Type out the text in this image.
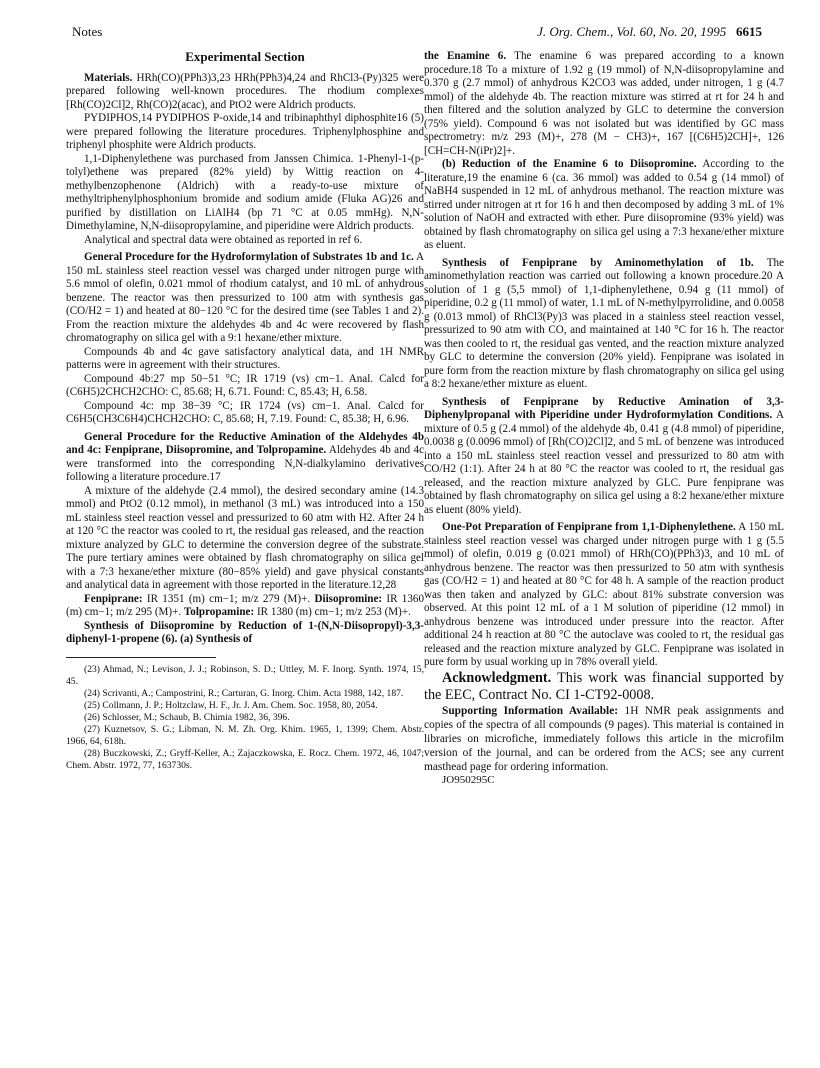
Notes	J. Org. Chem., Vol. 60, No. 20, 1995 6615
Experimental Section

Materials. HRh(CO)(PPh3)3,23 HRh(PPh3)4,24 and RhCl3-(Py)325 were prepared following well-known procedures. The rhodium complexes [Rh(CO)2Cl]2, Rh(CO)2(acac), and PtO2 were Aldrich products.

PYDIPHOS,14 PYDIPHOS P-oxide,14 and tribinaphthyl diphosphite16 (5) were prepared following the literature procedures. Triphenylphosphine and triphenyl phosphite were Aldrich products.

1,1-Diphenylethene was purchased from Janssen Chimica. 1-Phenyl-1-(p-tolyl)ethene was prepared (82% yield) by Wittig reaction on 4-methylbenzophenone (Aldrich) with a ready-to-use mixture of methyltriphenylphosphonium bromide and sodium amide (Fluka AG)26 and purified by distillation on LiAlH4 (bp 71 °C at 0.05 mmHg). N,N-Dimethylamine, N,N-diisopropylamine, and piperidine were Aldrich products.

Analytical and spectral data were obtained as reported in ref 6.

General Procedure for the Hydroformylation of Substrates 1b and 1c. A 150 mL stainless steel reaction vessel was charged under nitrogen purge with 5.6 mmol of olefin, 0.021 mmol of rhodium catalyst, and 10 mL of anhydrous benzene. The reactor was then pressurized to 100 atm with synthesis gas (CO/H2 = 1) and heated at 80−120 °C for the desired time (see Tables 1 and 2). From the reaction mixture the aldehydes 4b and 4c were recovered by flash chromatography on silica gel with a 9:1 hexane/ether mixture.

Compounds 4b and 4c gave satisfactory analytical data, and 1H NMR patterns were in agreement with their structures.

Compound 4b:27 mp 50−51 °C; IR 1719 (vs) cm−1. Anal. Calcd for (C6H5)2CHCH2CHO: C, 85.68; H, 6.71. Found: C, 85.43; H, 6.58.

Compound 4c: mp 38−39 °C; IR 1724 (vs) cm−1. Anal. Calcd for C6H5(CH3C6H4)CHCH2CHO: C, 85.68; H, 7.19. Found: C, 85.38; H, 6.96.

General Procedure for the Reductive Amination of the Aldehydes 4b and 4c: Fenpiprane, Diisopromine, and Tolpropamine. Aldehydes 4b and 4c were transformed into the corresponding N,N-dialkylamino derivatives following a literature procedure.17

A mixture of the aldehyde (2.4 mmol), the desired secondary amine (14.3 mmol) and PtO2 (0.12 mmol), in methanol (3 mL) was introduced into a 150 mL stainless steel reaction vessel and pressurized to 60 atm with H2. After 24 h at 120 °C the reactor was cooled to rt, the residual gas released, and the reaction mixture analyzed by GLC to determine the conversion degree of the substrate. The pure tertiary amines were obtained by flash chromatography on silica gel with a 7:3 hexane/ether mixture (80−85% yield) and gave physical constants and analytical data in agreement with those reported in the literature.12,28

Fenpiprane: IR 1351 (m) cm−1; m/z 279 (M)+. Diisopromine: IR 1360 (m) cm−1; m/z 295 (M)+. Tolpropamine: IR 1380 (m) cm−1; m/z 253 (M)+.

Synthesis of Diisopromine by Reduction of 1-(N,N-Diisopropyl)-3,3-diphenyl-1-propene (6). (a) Synthesis of

(23) Ahmad, N.; Levison, J. J.; Robinson, S. D.; Uttley, M. F. Inorg. Synth. 1974, 15, 45.

(24) Scrivanti, A.; Campostrini, R.; Carturan, G. Inorg. Chim. Acta 1988, 142, 187.

(25) Collmann, J. P.; Holtzclaw, H. F., Jr. J. Am. Chem. Soc. 1958, 80, 2054.

(26) Schlosser, M.; Schaub, B. Chimia 1982, 36, 396.

(27) Kuznetsov, S. G.; Libman, N. M. Zh. Org. Khim. 1965, 1, 1399; Chem. Abstr. 1966, 64, 618h.

(28) Buczkowski, Z.; Gryff-Keller, A.; Zajaczkowska, E. Rocz. Chem. 1972, 46, 1047; Chem. Abstr. 1972, 77, 163730s.

the Enamine 6. The enamine 6 was prepared according to a known procedure.18 To a mixture of 1.92 g (19 mmol) of N,N-diisopropylamine and 0.370 g (2.7 mmol) of anhydrous K2CO3 was added, under nitrogen, 1 g (4.7 mmol) of the aldehyde 4b. The reaction mixture was stirred at rt for 24 h and then filtered and the solution analyzed by GLC to determine the conversion (75% yield). Compound 6 was not isolated but was identified by GC mass spectrometry: m/z 293 (M)+, 278 (M − CH3)+, 167 [(C6H5)2CH]+, 126 [CH=CH-N(iPr)2]+.

(b) Reduction of the Enamine 6 to Diisopromine. According to the literature,19 the enamine 6 (ca. 36 mmol) was added to 0.54 g (14 mmol) of NaBH4 suspended in 12 mL of anhydrous methanol. The reaction mixture was stirred under nitrogen at rt for 16 h and then decomposed by adding 3 mL of 1% solution of NaOH and extracted with ether. Pure diisopromine (93% yield) was obtained by flash chromatography on silica gel using a 7:3 hexane/ether mixture as eluent.

Synthesis of Fenpiprane by Aminomethylation of 1b. The aminomethylation reaction was carried out following a known procedure.20 A solution of 1 g (5,5 mmol) of 1,1-diphenylethene, 0.94 g (11 mmol) of piperidine, 0.2 g (11 mmol) of water, 1.1 mL of N-methylpyrrolidine, and 0.0058 g (0.013 mmol) of RhCl3(Py)3 was placed in a stainless steel reaction vessel, pressurized to 90 atm with CO, and maintained at 140 °C for 16 h. The reactor was then cooled to rt, the residual gas vented, and the reaction mixture analyzed by GLC to determine the conversion (20% yield). Fenpiprane was isolated in pure form from the reaction mixture by flash chromatography on silica gel using a 8:2 hexane/ether mixture as eluent.

Synthesis of Fenpiprane by Reductive Amination of 3,3-Diphenylpropanal with Piperidine under Hydroformylation Conditions. A mixture of 0.5 g (2.4 mmol) of the aldehyde 4b, 0.41 g (4.8 mmol) of piperidine, 0.0038 g (0.0096 mmol) of [Rh(CO)2Cl]2, and 5 mL of benzene was introduced into a 150 mL stainless steel reaction vessel and pressurized to 80 atm with CO/H2 (1:1). After 24 h at 80 °C the reactor was cooled to rt, the residual gas released, and the reaction mixture analyzed by GLC. Pure fenpiprane was obtained by flash chromatography on silica gel using a 8:2 hexane/ether mixture as eluent (80% yield).

One-Pot Preparation of Fenpiprane from 1,1-Diphenylethene. A 150 mL stainless steel reaction vessel was charged under nitrogen purge with 1 g (5.5 mmol) of olefin, 0.019 g (0.021 mmol) of HRh(CO)(PPh3)3, and 10 mL of anhydrous benzene. The reactor was then pressurized to 50 atm with synthesis gas (CO/H2 = 1) and heated at 80 °C for 48 h. A sample of the reaction product was then taken and analyzed by GLC: about 81% substrate conversion was observed. At this point 12 mL of a 1 M solution of piperidine (12 mmol) in anhydrous benzene was introduced under pressure into the reactor. After additional 24 h reaction at 80 °C the autoclave was cooled to rt, the residual gas released and the reaction mixture analyzed by GLC. Fenpiprane was isolated in pure form by usual working up in 78% overall yield.

Acknowledgment. This work was financial supported by the EEC, Contract No. CI 1-CT92-0008.

Supporting Information Available: 1H NMR peak assignments and copies of the spectra of all compounds (9 pages). This material is contained in libraries on microfiche, immediately follows this article in the microfilm version of the journal, and can be ordered from the ACS; see any current masthead page for ordering information.

JO950295C
